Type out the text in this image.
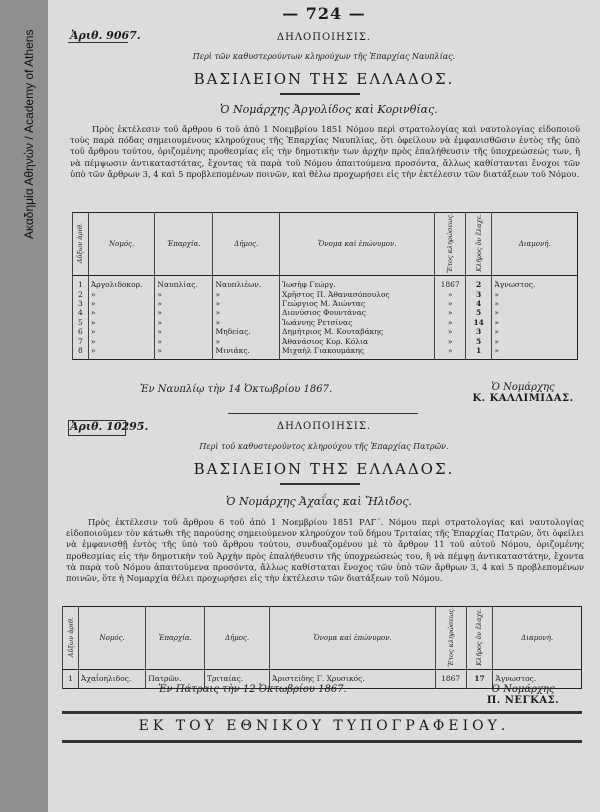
Ακαδημία Αθηνών / Academy of Athens
— 724 —
Ἀριθ. 9067.	ΔΗΛΟΠΟΙΗΣΙΣ.
Περὶ τῶν καθυστερούντων κληρούχων τῆς Ἐπαρχίας Ναυπλίας.
ΒΑΣΙΛΕΙΟΝ ΤΗΣ ΕΛΛΑΔΟΣ.
Ὁ Νομάρχης Ἀργολίδος καὶ Κορινθίας.

Πρὸς ἐκτέλεσιν τοῦ ἄρθρου 6 τοῦ ἀπὸ 1 Νοεμβρίου 1851 Νόμου περὶ στρατολογίας καὶ ναυτολογίας εἰδοποιοῦ τοὺς παρὰ πόδας σημειουμένους κληρούχους τῆς Ἐπαρχίας Ναυπλίας, ὅτι ὀφείλουν νὰ ἐμφανισθῶσιν ἐντὸς τῆς ὑπὸ τοῦ ἄρθρου τούτου, ὁριζομένης προθεσμίας εἰς τὴν δημοτικήν των ἀρχὴν πρὸς ἐπαλήθευσιν τῆς ὑποχρεώσεώς των, ἢ νὰ πέμψωσιν ἀντικαταστάτας, ἔχοντας τὰ παρὰ τοῦ Νόμου ἀπαιτούμενα προσόντα, ἄλλως καθίστανται ἔνοχοι τῶν ὑπὸ τῶν ἄρθρων 3, 4 καὶ 5 προβλεπομένων ποινῶν, καὶ θέλω προχωρήσει εἰς τὴν ἐκτέλεσιν τῶν διατάξεων τοῦ Νόμου.

Αὔξων ἀριθ.	Νομός.	Ἐπαρχία.	Δῆμος.	Ὄνομα καὶ ἐπώνυμον.	Ἔτος κληρώσεως.	Κλῆρος ὅν ἔλαχε.	Διαμονή.

1	Ἀργολιδοκορ.	Ναυπλίας.	Ναυπλιέων.	Ἰωσὴφ Γεώργ.	1867	2	Ἀγνωστος.
2	»	»	»	Χρῆστος Π. Ἀθανασόπουλος	»	3	»
3	»	»	»	Γεώργιος Μ. Ἀιώντας	»	4	»
4	»	»	»	Διονύσιος Φουντάνας	»	5	»
5	»	»	»	Ἰωάννης Ρετσίνας	»	14	»
6	»	»	Μηδείας.	Δημήτριος Μ. Κουταβάκης	»	3	»
7	»	»	»	Ἀθανάσιος Κυρ. Κόλια	»	5	»
8	»	»	Μινιάκς.	Μιχαὴλ Γιακουμάκης	»	1	»

Ἐν Ναυπλίῳ τὴν 14 Ὀκτωβρίου 1867.	Ὁ Νομάρχης
Κ. ΚΑΛΛΙΜΙΔΑΣ.
Ἀριθ. 10295.	ΔΗΛΟΠΟΙΗΣΙΣ.
Περὶ τοῦ καθυστεροῦντος κληρούχου τῆς Ἐπαρχίας Πατρῶν.
ΒΑΣΙΛΕΙΟΝ ΤΗΣ ΕΛΛΑΔΟΣ.
Ὁ Νομάρχης Ἀχαΐας καὶ Ἤλιδος.

Πρὸς ἐκτέλεσιν τοῦ ἄρθρου 6 τοῦ ἀπὸ 1 Νοεμβρίου 1851 ΡΛΓ΄. Νόμου περὶ στρατολογίας καὶ ναυτολογίας εἰδοποιοῦμεν τὸν κάτωθι τῆς παρούσης σημειούμενον κληρούχον τοῦ δήμου Τριταίας τῆς Ἐπαρχίας Πατρῶν, ὅτι ὀφείλει νὰ ἐμφανισθῇ ἐντὸς τῆς ὑπὸ τοῦ ἄρθρου τούτου, συνδυαζομένου μὲ τὸ ἄρθρον 11 τοῦ αὐτοῦ Νόμου, ὁριζομένης προθεσμίας εἰς τὴν δημοτικὴν τοῦ Ἀρχὴν πρὸς ἐπαλήθευσιν τῆς ὑποχρεώσεώς του, ἢ νὰ πέμψῃ ἀντικαταστάτην, ἔχοντα τὰ παρὰ τοῦ Νόμου ἀπαιτούμενα προσόντα, ἄλλως καθίσταται ἔνοχος τῶν ὑπὸ τῶν ἄρθρων 3, 4 καὶ 5 προβλεπομένων ποινῶν, ὅτε ἡ Νομαρχία θέλει προχωρήσει εἰς τὴν ἐκτέλεσιν τῶν διατάξεων τοῦ Νόμου.

Αὔξων ἀριθ.	Νομός.	Ἐπαρχία.	Δῆμος.	Ὄνομα καὶ ἐπώνυμον.	Ἔτος κληρώσεως.	Κλῆρος ὅν ἔλαχε.	Διαμονή.

1	Ἀχαΐοηλιδος.	Πατρῶν.	Τριταίας.	Ἀριστείδης Γ. Χρυσικός.	1867	17	Ἀγνωστος.

Ἐν Πάτραις τὴν 12 Ὀκτωβρίου 1867.	Ὁ Νομάρχης
Π. ΝΕΓΚΑΣ.
ΕΚ ΤΟΥ ΕΘΝΙΚΟΥ ΤΥΠΟΓΡΑΦΕΙΟΥ.
